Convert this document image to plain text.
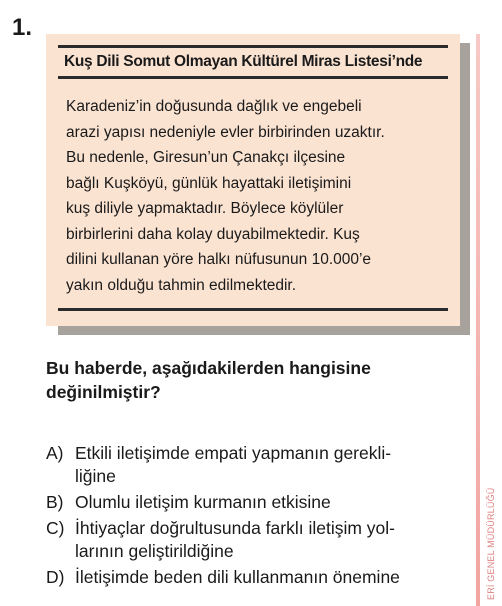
1.
Kuş Dili Somut Olmayan Kültürel Miras Listesi’nde
Karadeniz’in doğusunda dağlık ve engebeli
arazi yapısı nedeniyle evler birbirinden uzaktır.
Bu nedenle, Giresun’un Çanakçı ilçesine
bağlı Kuşköyü, günlük hayattaki iletişimini
kuş diliyle yapmaktadır. Böylece köylüler
birbirlerini daha kolay duyabilmektedir. Kuş
dilini kullanan yöre halkı nüfusunun 10.000’e
yakın olduğu tahmin edilmektedir.
Bu haberde, aşağıdakilerden hangisine
değinilmiştir?
A) Etkili iletişimde empati yapmanın gerekli-
liğine
B) Olumlu iletişim kurmanın etkisine
C) İhtiyaçlar doğrultusunda farklı iletişim yol-
larının geliştirildiğine
D) İletişimde beden dili kullanmanın önemine	ERİ GENEL MÜDÜRLÜĞÜ
